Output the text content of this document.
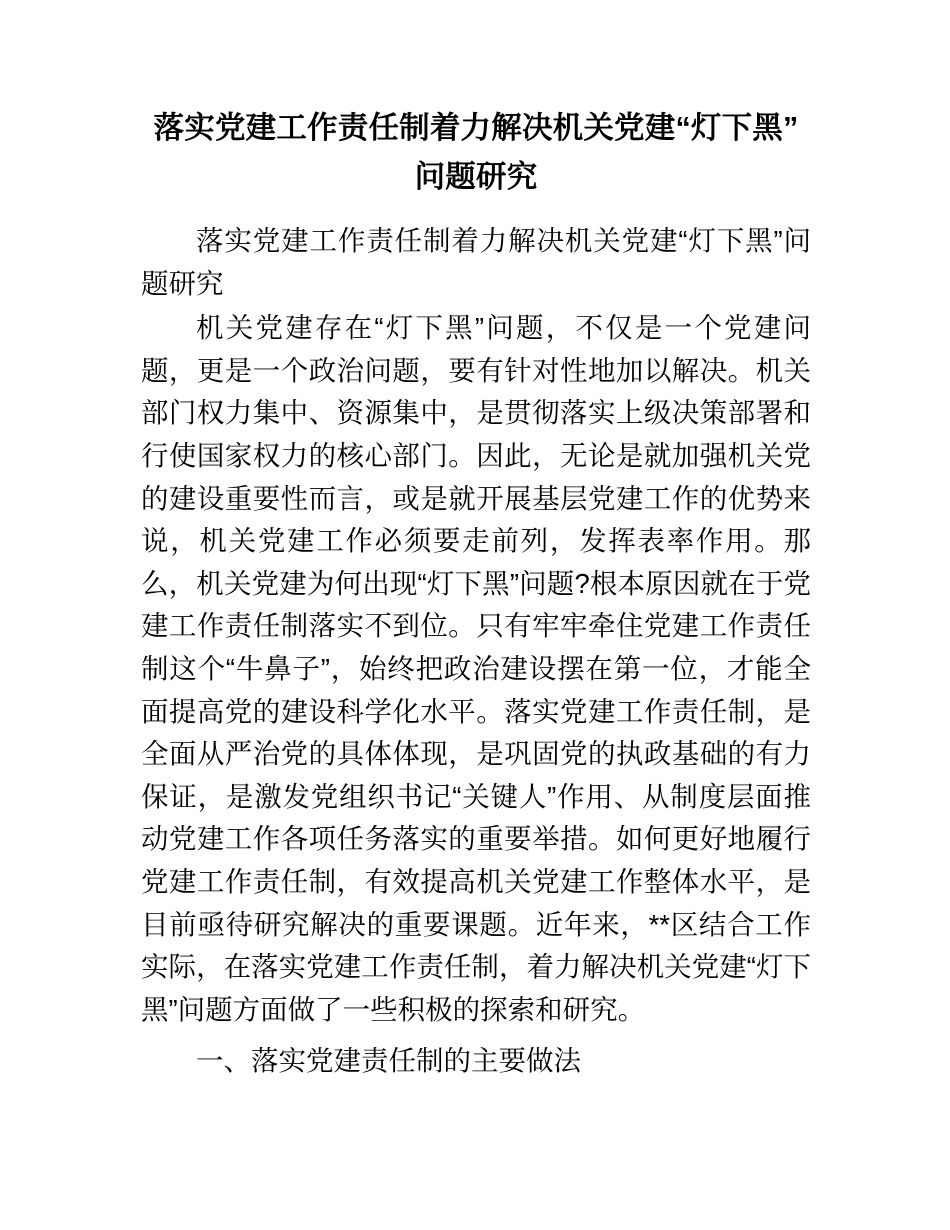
落实党建工作责任制着力解决机关党建“灯下黑”问题研究

落实党建工作责任制着力解决机关党建“灯下黑”问题研究

机关党建存在“灯下黑”问题，不仅是一个党建问题，更是一个政治问题，要有针对性地加以解决。机关部门权力集中、资源集中，是贯彻落实上级决策部署和行使国家权力的核心部门。因此，无论是就加强机关党的建设重要性而言，或是就开展基层党建工作的优势来说，机关党建工作必须要走前列，发挥表率作用。那么，机关党建为何出现“灯下黑”问题?根本原因就在于党建工作责任制落实不到位。只有牢牢牵住党建工作责任制这个“牛鼻子”，始终把政治建设摆在第一位，才能全面提高党的建设科学化水平。落实党建工作责任制，是全面从严治党的具体体现，是巩固党的执政基础的有力保证，是激发党组织书记“关键人”作用、从制度层面推动党建工作各项任务落实的重要举措。如何更好地履行党建工作责任制，有效提高机关党建工作整体水平，是目前亟待研究解决的重要课题。近年来，**区结合工作实际，在落实党建工作责任制，着力解决机关党建“灯下黑”问题方面做了一些积极的探索和研究。

一、落实党建责任制的主要做法
